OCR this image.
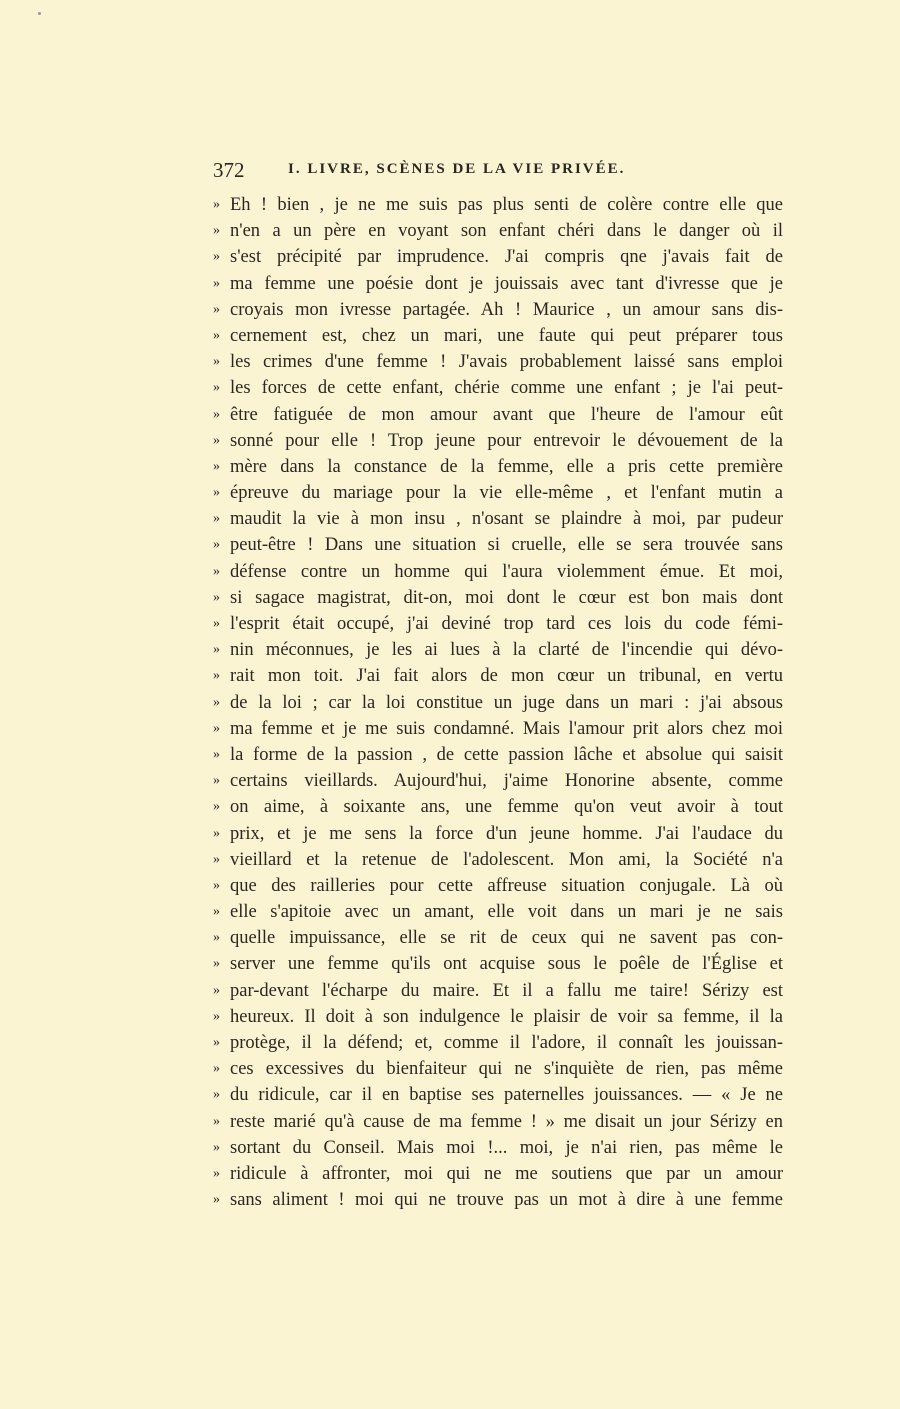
372	I. LIVRE, SCÈNES DE LA VIE PRIVÉE.
» Eh ! bien , je ne me suis pas plus senti de colère contre elle que
» n'en a un père en voyant son enfant chéri dans le danger où il
» s'est précipité par imprudence. J'ai compris qne j'avais fait de
» ma femme une poésie dont je jouissais avec tant d'ivresse que je
» croyais mon ivresse partagée. Ah ! Maurice , un amour sans dis-
» cernement est, chez un mari, une faute qui peut préparer tous
» les crimes d'une femme ! J'avais probablement laissé sans emploi
» les forces de cette enfant, chérie comme une enfant ; je l'ai peut-
» être fatiguée de mon amour avant que l'heure de l'amour eût
» sonné pour elle ! Trop jeune pour entrevoir le dévouement de la
» mère dans la constance de la femme, elle a pris cette première
» épreuve du mariage pour la vie elle-même , et l'enfant mutin a
» maudit la vie à mon insu , n'osant se plaindre à moi, par pudeur
» peut-être ! Dans une situation si cruelle, elle se sera trouvée sans
» défense contre un homme qui l'aura violemment émue. Et moi,
» si sagace magistrat, dit-on, moi dont le cœur est bon mais dont
» l'esprit était occupé, j'ai deviné trop tard ces lois du code fémi-
» nin méconnues, je les ai lues à la clarté de l'incendie qui dévo-
» rait mon toit. J'ai fait alors de mon cœur un tribunal, en vertu
» de la loi ; car la loi constitue un juge dans un mari : j'ai absous
» ma femme et je me suis condamné. Mais l'amour prit alors chez moi
» la forme de la passion , de cette passion lâche et absolue qui saisit
» certains vieillards. Aujourd'hui, j'aime Honorine absente, comme
» on aime, à soixante ans, une femme qu'on veut avoir à tout
» prix, et je me sens la force d'un jeune homme. J'ai l'audace du
» vieillard et la retenue de l'adolescent. Mon ami, la Société n'a
» que des railleries pour cette affreuse situation conjugale. Là où
» elle s'apitoie avec un amant, elle voit dans un mari je ne sais
» quelle impuissance, elle se rit de ceux qui ne savent pas con-
» server une femme qu'ils ont acquise sous le poêle de l'Église et
» par-devant l'écharpe du maire. Et il a fallu me taire! Sérizy est
» heureux. Il doit à son indulgence le plaisir de voir sa femme, il la
» protège, il la défend; et, comme il l'adore, il connaît les jouissan-
» ces excessives du bienfaiteur qui ne s'inquiète de rien, pas même
» du ridicule, car il en baptise ses paternelles jouissances. — « Je ne
» reste marié qu'à cause de ma femme ! » me disait un jour Sérizy en
» sortant du Conseil. Mais moi !... moi, je n'ai rien, pas même le
» ridicule à affronter, moi qui ne me soutiens que par un amour
» sans aliment ! moi qui ne trouve pas un mot à dire à une femme
